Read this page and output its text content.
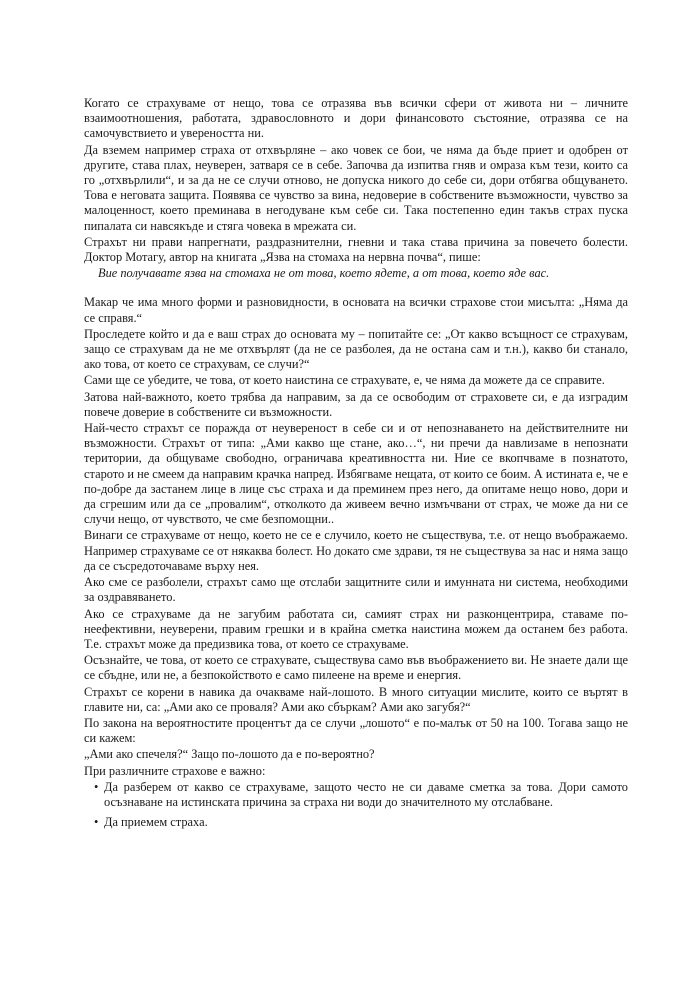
Когато се страхуваме от нещо, това се отразява във всички сфери от живота ни – личните взаимоотношения, работата, здравословното и дори финансовото състояние, отразява се на самочувствието и увереността ни.

Да вземем например страха от отхвърляне – ако човек се бои, че няма да бъде приет и одобрен от другите, става плах, неуверен, затваря се в себе. Започва да изпитва гняв и омраза към тези, които са го „отхвърлили“, и за да не се случи отново, не допуска никого до себе си, дори отбягва общуването. Това е неговата защита. Появява се чувство за вина, недоверие в собствените възможности, чувство за малоценност, което преминава в негодуване към себе си. Така постепенно един такъв страх пуска пипалата си навсякъде и стяга човека в мрежата си.

Страхът ни прави напрегнати, раздразнителни, гневни и така става причина за повечето болести. Доктор Мотагу, автор на книгата „Язва на стомаха на нервна почва“, пише:

Вие получавате язва на стомаха не от това, което ядете, а от това, което яде вас.

Макар че има много форми и разновидности, в основата на всички страхове стои мисълта: „Няма да се справя.“

Проследете който и да е ваш страх до основата му – попитайте се: „От какво всъщност се страхувам, защо се страхувам да не ме отхвърлят (да не се разболея, да не остана сам и т.н.), какво би станало, ако това, от което се страхувам, се случи?“

Сами ще се убедите, че това, от което наистина се страхувате, е, че няма да можете да се справите.

Затова най-важното, което трябва да направим, за да се освободим от страховете си, е да изградим повече доверие в собствените си възможности.

Най-често страхът се поражда от неувереност в себе си и от непознаването на действителните ни възможности. Страхът от типа: „Ами какво ще стане, ако…“, ни пречи да навлизаме в непознати територии, да общуваме свободно, ограничава креативността ни. Ние се вкопчваме в познатото, старото и не смеем да направим крачка напред. Избягваме нещата, от които се боим. А истината е, че е по-добре да застанем лице в лице със страха и да преминем през него, да опитаме нещо ново, дори и да сгрешим или да се „провалим“, отколкото да живеем вечно измъчвани от страх, че може да ни се случи нещо, от чувството, че сме безпомощни..

Винаги се страхуваме от нещо, което не се е случило, което не съществува, т.е. от нещо въображаемо. Например страхуваме се от някаква болест. Но докато сме здрави, тя не съществува за нас и няма защо да се съсредоточаваме върху нея.

Ако сме се разболели, страхът само ще отслаби защитните сили и имунната ни система, необходими за оздравяването.

Ако се страхуваме да не загубим работата си, самият страх ни разконцентрира, ставаме по-неефективни, неуверени, правим грешки и в крайна сметка наистина можем да останем без работа. Т.е. страхът може да предизвика това, от което се страхуваме.

Осъзнайте, че това, от което се страхувате, съществува само във въображението ви. Не знаете дали ще се сбъдне, или не, а безпокойството е само пилеене на време и енергия.

Страхът се корени в навика да очакваме най-лошото. В много ситуации мислите, които се въртят в главите ни, са: „Ами ако се проваля? Ами ако сбъркам? Ами ако загубя?“

По закона на вероятностите процентът да се случи „лошото“ е по-малък от 50 на 100. Тогава защо не си кажем:

„Ами ако спечеля?“ Защо по-лошото да е по-вероятно?

При различните страхове е важно:

• Да разберем от какво се страхуваме, защото често не си даваме сметка за това. Дори самото осъзнаване на истинската причина за страха ни води до значителното му отслабване.
• Да приемем страха.
